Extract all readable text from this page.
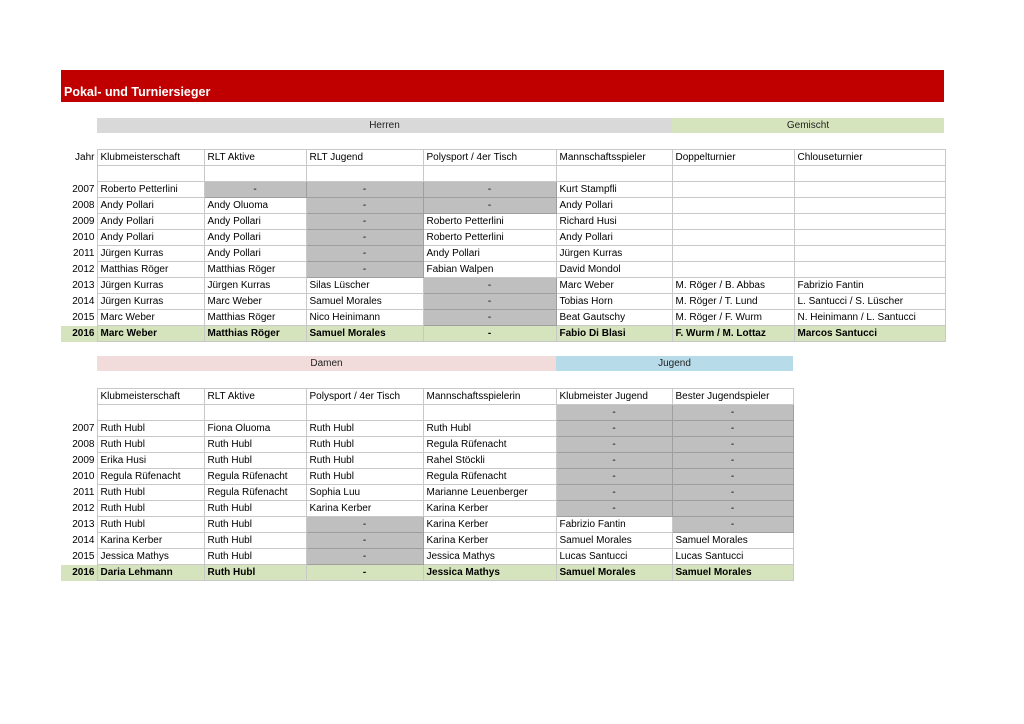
Pokal- und Turniersieger
Herren	Gemischt
Jahr	Klubmeisterschaft	RLT Aktive	RLT Jugend	Polysport / 4er Tisch	Mannschaftsspieler	Doppelturnier	Chlouseturnier

2007	Roberto Petterlini	-	-	-	Kurt Stampfli		
2008	Andy Pollari	Andy Oluoma	-	-	Andy Pollari		
2009	Andy Pollari	Andy Pollari	-	Roberto Petterlini	Richard Husi		
2010	Andy Pollari	Andy Pollari	-	Roberto Petterlini	Andy Pollari		
2011	Jürgen Kurras	Andy Pollari	-	Andy Pollari	Jürgen Kurras		
2012	Matthias Röger	Matthias Röger	-	Fabian Walpen	David Mondol		
2013	Jürgen Kurras	Jürgen Kurras	Silas Lüscher	-	Marc Weber	M. Röger / B. Abbas	Fabrizio Fantin
2014	Jürgen Kurras	Marc Weber	Samuel Morales	-	Tobias Horn	M. Röger / T. Lund	L. Santucci / S. Lüscher
2015	Marc Weber	Matthias Röger	Nico Heinimann	-	Beat Gautschy	M. Röger / F. Wurm	N. Heinimann / L. Santucci
2016	Marc Weber	Matthias Röger	Samuel Morales	-	Fabio Di Blasi	F. Wurm / M. Lottaz	Marcos Santucci
Damen	Jugend
	Klubmeisterschaft	RLT Aktive	Polysport / 4er Tisch	Mannschaftsspielerin	Klubmeister Jugend	Bester Jugendspieler
					-	-
2007	Ruth Hubl	Fiona Oluoma	Ruth Hubl	Ruth Hubl	-	-
2008	Ruth Hubl	Ruth Hubl	Ruth Hubl	Regula Rüfenacht	-	-
2009	Erika Husi	Ruth Hubl	Ruth Hubl	Rahel Stöckli	-	-
2010	Regula Rüfenacht	Regula Rüfenacht	Ruth Hubl	Regula Rüfenacht	-	-
2011	Ruth Hubl	Regula Rüfenacht	Sophia Luu	Marianne Leuenberger	-	-
2012	Ruth Hubl	Ruth Hubl	Karina Kerber	Karina Kerber	-	-
2013	Ruth Hubl	Ruth Hubl	-	Karina Kerber	Fabrizio Fantin	-
2014	Karina Kerber	Ruth Hubl	-	Karina Kerber	Samuel Morales	Samuel Morales
2015	Jessica Mathys	Ruth Hubl	-	Jessica Mathys	Lucas Santucci	Lucas Santucci
2016	Daria Lehmann	Ruth Hubl	-	Jessica Mathys	Samuel Morales	Samuel Morales
